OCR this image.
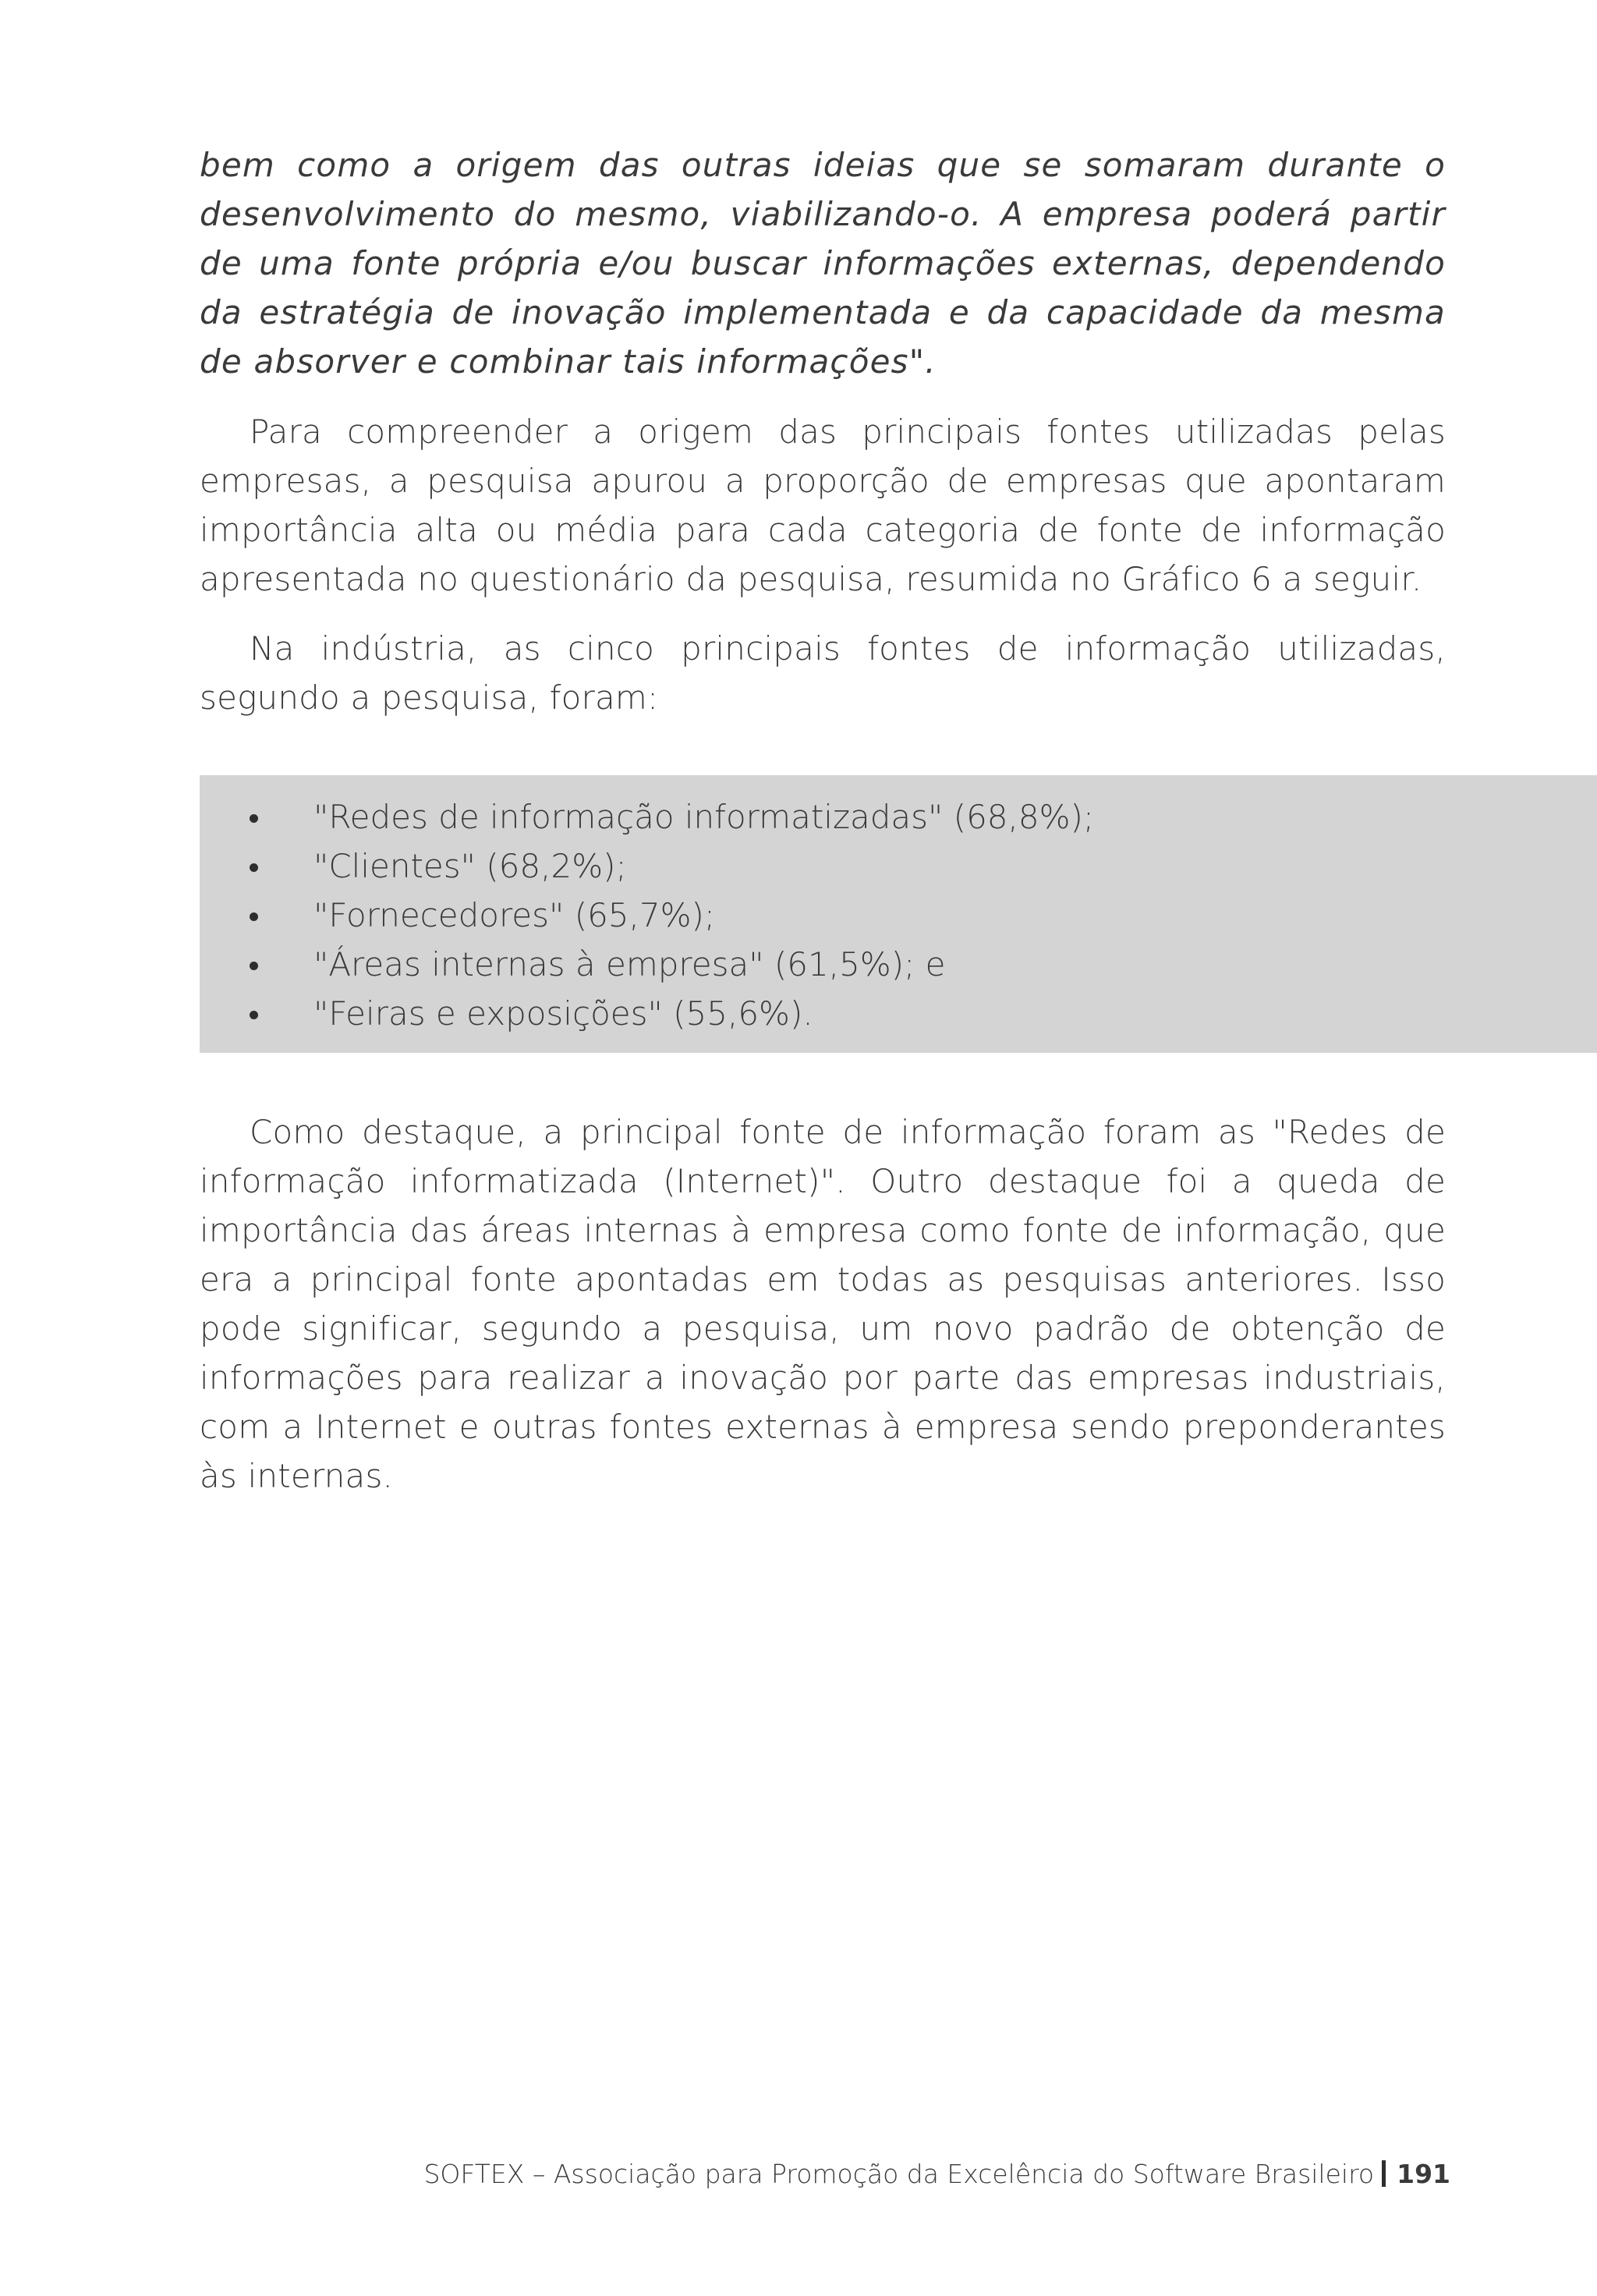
bem como a origem das outras ideias que se somaram durante o desenvolvimento do mesmo, viabilizando-o. A empresa poderá partir de uma fonte própria e/ou buscar informações externas, dependendo da estratégia de inovação implementada e da capacidade da mesma de absorver e combinar tais informações".

Para compreender a origem das principais fontes utilizadas pelas empresas, a pesquisa apurou a proporção de empresas que apontaram importância alta ou média para cada categoria de fonte de informação apresentada no questionário da pesquisa, resumida no Gráfico 6 a seguir.

Na indústria, as cinco principais fontes de informação utilizadas, segundo a pesquisa, foram:

"Redes de informação informatizadas" (68,8%);
"Clientes" (68,2%);
"Fornecedores" (65,7%);
"Áreas internas à empresa" (61,5%); e
"Feiras e exposições" (55,6%).

Como destaque, a principal fonte de informação foram as "Redes de informação informatizada (Internet)". Outro destaque foi a queda de importância das áreas internas à empresa como fonte de informação, que era a principal fonte apontadas em todas as pesquisas anteriores. Isso pode significar, segundo a pesquisa, um novo padrão de obtenção de informações para realizar a inovação por parte das empresas industriais, com a Internet e outras fontes externas à empresa sendo preponderantes às internas.

SOFTEX – Associação para Promoção da Excelência do Software Brasileiro 191
